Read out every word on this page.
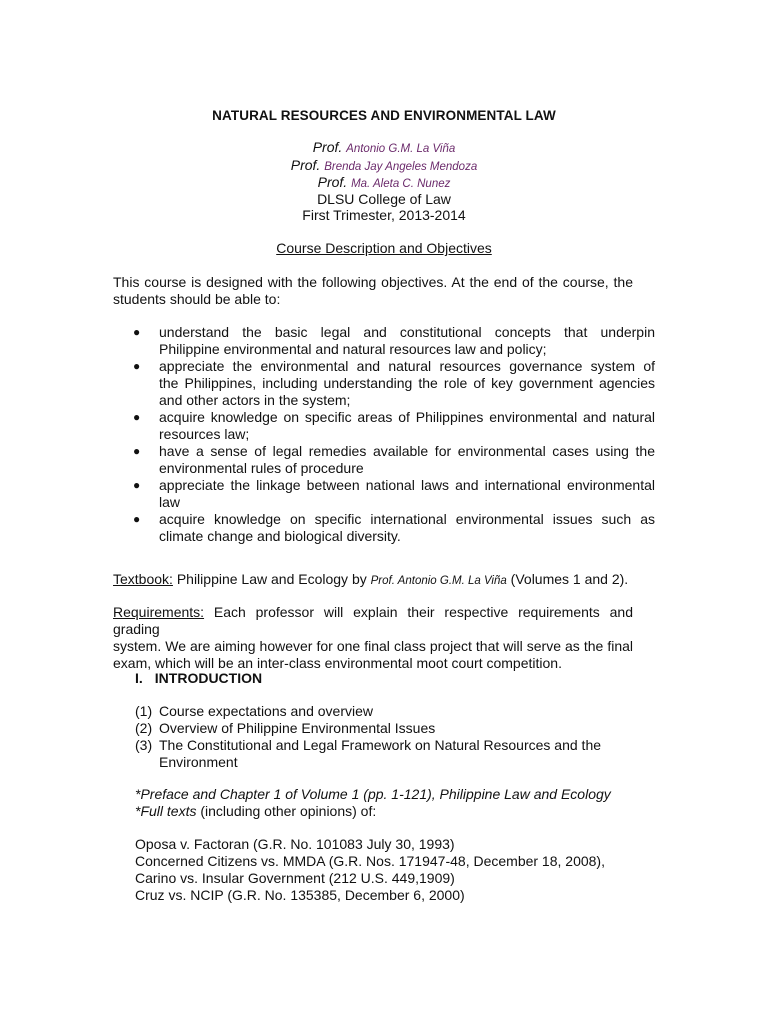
NATURAL RESOURCES AND ENVIRONMENTAL LAW
Prof. Antonio G.M. La Viña
Prof. Brenda Jay Angeles Mendoza
Prof. Ma. Aleta C. Nunez
DLSU College of Law
First Trimester, 2013-2014
Course Description and Objectives
This course is designed with the following objectives. At the end of the course, the
students should be able to:
● understand the basic legal and constitutional concepts that underpin
Philippine environmental and natural resources law and policy;
● appreciate the environmental and natural resources governance system of
the Philippines, including understanding the role of key government agencies
and other actors in the system;
● acquire knowledge on specific areas of Philippines environmental and natural
resources law;
● have a sense of legal remedies available for environmental cases using the
environmental rules of procedure
● appreciate the linkage between national laws and international environmental
law
● acquire knowledge on specific international environmental issues such as
climate change and biological diversity.
Textbook: Philippine Law and Ecology by Prof. Antonio G.M. La Viña (Volumes 1 and 2).
Requirements: Each professor will explain their respective requirements and grading
system. We are aiming however for one final class project that will serve as the final
exam, which will be an inter-class environmental moot court competition.
I. INTRODUCTION
(1) Course expectations and overview
(2) Overview of Philippine Environmental Issues
(3) The Constitutional and Legal Framework on Natural Resources and the
Environment
*Preface and Chapter 1 of Volume 1 (pp. 1-121), Philippine Law and Ecology
*Full texts (including other opinions) of:
Oposa v. Factoran (G.R. No. 101083 July 30, 1993)
Concerned Citizens vs. MMDA (G.R. Nos. 171947-48, December 18, 2008),
Carino vs. Insular Government (212 U.S. 449,1909)
Cruz vs. NCIP (G.R. No. 135385, December 6, 2000)
